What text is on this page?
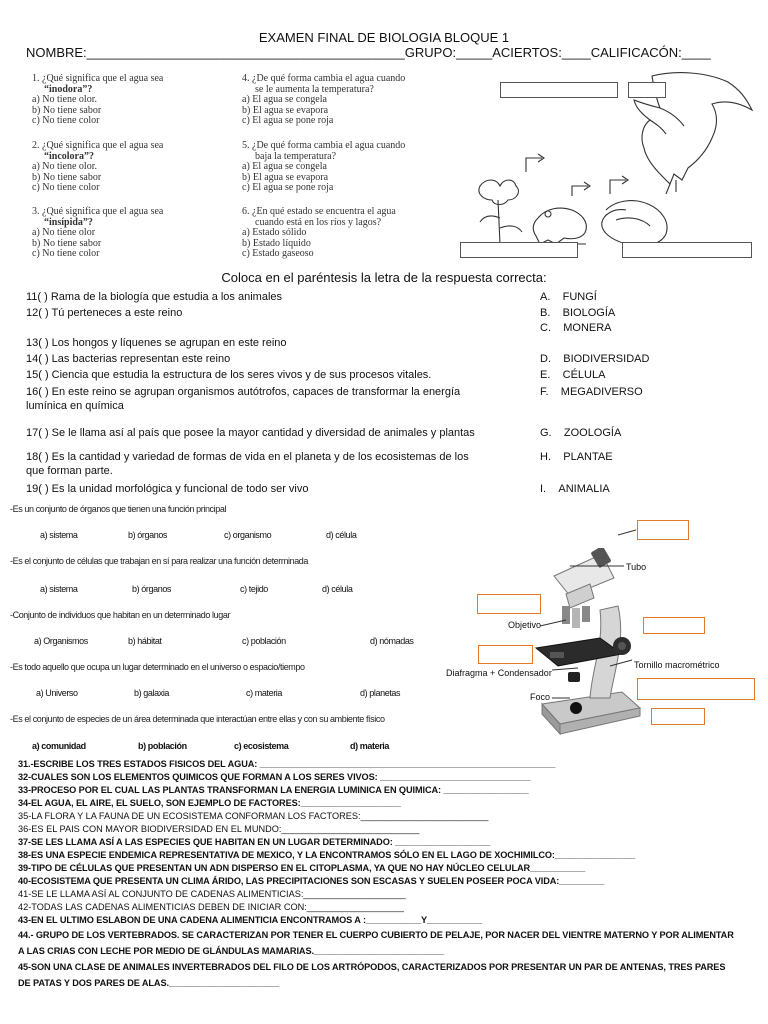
EXAMEN FINAL DE BIOLOGIA BLOQUE 1
NOMBRE:____________________________________________GRUPO:_____ACIERTOS:____CALIFICACÓN:____
1. ¿Qué significa que el agua sea
“inodora”?
a) No tiene olor.
b) No tiene sabor
c) No tiene color
2. ¿Qué significa que el agua sea
“incolora”?
a) No tiene olor.
b) No tiene sabor
c) No tiene color
3. ¿Qué significa que el agua sea
“insípida”?
a) No tiene olor
b) No tiene sabor
c) No tiene color
4. ¿De qué forma cambia el agua cuando
se le aumenta la temperatura?
a) El agua se congela
b) El agua se evapora
c) El agua se pone roja
5. ¿De qué forma cambia el agua cuando
baja la temperatura?
a) El agua se congela
b) El agua se evapora
c) El agua se pone roja
6. ¿En qué estado se encuentra el agua
cuando está en los ríos y lagos?
a) Estado sólido
b) Estado líquido
c) Estado gaseoso
Coloca en el paréntesis la letra de la respuesta correcta:
11( ) Rama de la biología que estudia a los animales
12( ) Tú perteneces a este reino
13( ) Los hongos y líquenes se agrupan en este reino
14( ) Las bacterias representan este reino
15( ) Ciencia que estudia la estructura de los seres vivos y de sus procesos vitales.
16( ) En este reino se agrupan organismos autótrofos, capaces de transformar la energía
lumínica en química
17( ) Se le llama así al país que posee la mayor cantidad y diversidad de animales y plantas
18( ) Es la cantidad y variedad de formas de vida en el planeta y de los ecosistemas de los
que forman parte.
19( ) Es la unidad morfológica y funcional de todo ser vivo
A. FUNGÍ
B. BIOLOGÍA
C. MONERA
D. BIODIVERSIDAD
E. CÉLULA
F. MEGADIVERSO
G. ZOOLOGÍA
H. PLANTAE
I. ANIMALIA
-Es un conjunto de órganos que tienen una función principal
a) sistema	b) órganos	c) organismo	d) célula
-Es el conjunto de células que trabajan en sí para realizar una función determinada
a) sistema	b) órganos	c) tejido	d) célula
-Conjunto de individuos que habitan en un determinado lugar
a) Organismos	b) hábitat	c) población	d) nómadas
-Es todo aquello que ocupa un lugar determinado en el universo o espacio/tiempo
a) Universo	b) galaxia	c) materia	d) planetas
-Es el conjunto de especies de un área determinada que interactúan entre ellas y con su ambiente físico
a) comunidad	b) población	c) ecosistema	d) materia
Tubo
Objetivo
Tornillo macrométrico
Diafragma + Condensador
Foco
31.-ESCRIBE LOS TRES ESTADOS FISICOS DEL AGUA: ___________________________________________________________
32-CUALES SON LOS ELEMENTOS QUIMICOS QUE FORMAN A LOS SERES VIVOS: ______________________________
33-PROCESO POR EL CUAL LAS PLANTAS TRANSFORMAN LA ENERGIA LUMINICA EN QUIMICA: _________________
34-EL AGUA, EL AIRE, EL SUELO, SON EJEMPLO DE FACTORES:____________________
35-LA FLORA Y LA FAUNA DE UN ECOSISTEMA CONFORMAN LOS FACTORES:_________________________
36-ES EL PAIS CON MAYOR BIODIVERSIDAD EN EL MUNDO:___________________________
37-SE LES LLAMA ASÍ A LAS ESPECIES QUE HABITAN EN UN LUGAR DETERMINADO: ___________________
38-ES UNA ESPECIE ENDEMICA REPRESENTATIVA DE MEXICO, Y LA ENCONTRAMOS SÓLO EN EL LAGO DE XOCHIMILCO:________________
39-TIPO DE CÉLULAS QUE PRESENTAN UN ADN DISPERSO EN EL CITOPLASMA, YA QUE NO HAY NÚCLEO CELULAR___________
40-ECOSISTEMA QUE PRESENTA UN CLIMA ÁRIDO, LAS PRECIPITACIONES SON ESCASAS Y SUELEN POSEER POCA VIDA:_________
41-SE LE LLAMA ASÍ AL CONJUNTO DE CADENAS ALIMENTICIAS:____________________
42-TODAS LAS CADENAS ALIMENTICIAS DEBEN DE INICIAR CON:___________________
43-EN EL ULTIMO ESLABON DE UNA CADENA ALIMENTICIA ENCONTRAMOS A :___________Y___________
44.- GRUPO DE LOS VERTEBRADOS. SE CARACTERIZAN POR TENER EL CUERPO CUBIERTO DE PELAJE, POR NACER DEL VIENTRE MATERNO Y POR ALIMENTAR
A LAS CRIAS CON LECHE POR MEDIO DE GLÁNDULAS MAMARIAS.__________________________
45-SON UNA CLASE DE ANIMALES INVERTEBRADOS DEL FILO DE LOS ARTRÓPODOS, CARACTERIZADOS POR PRESENTAR UN PAR DE ANTENAS, TRES PARES
DE PATAS Y DOS PARES DE ALAS.______________________
